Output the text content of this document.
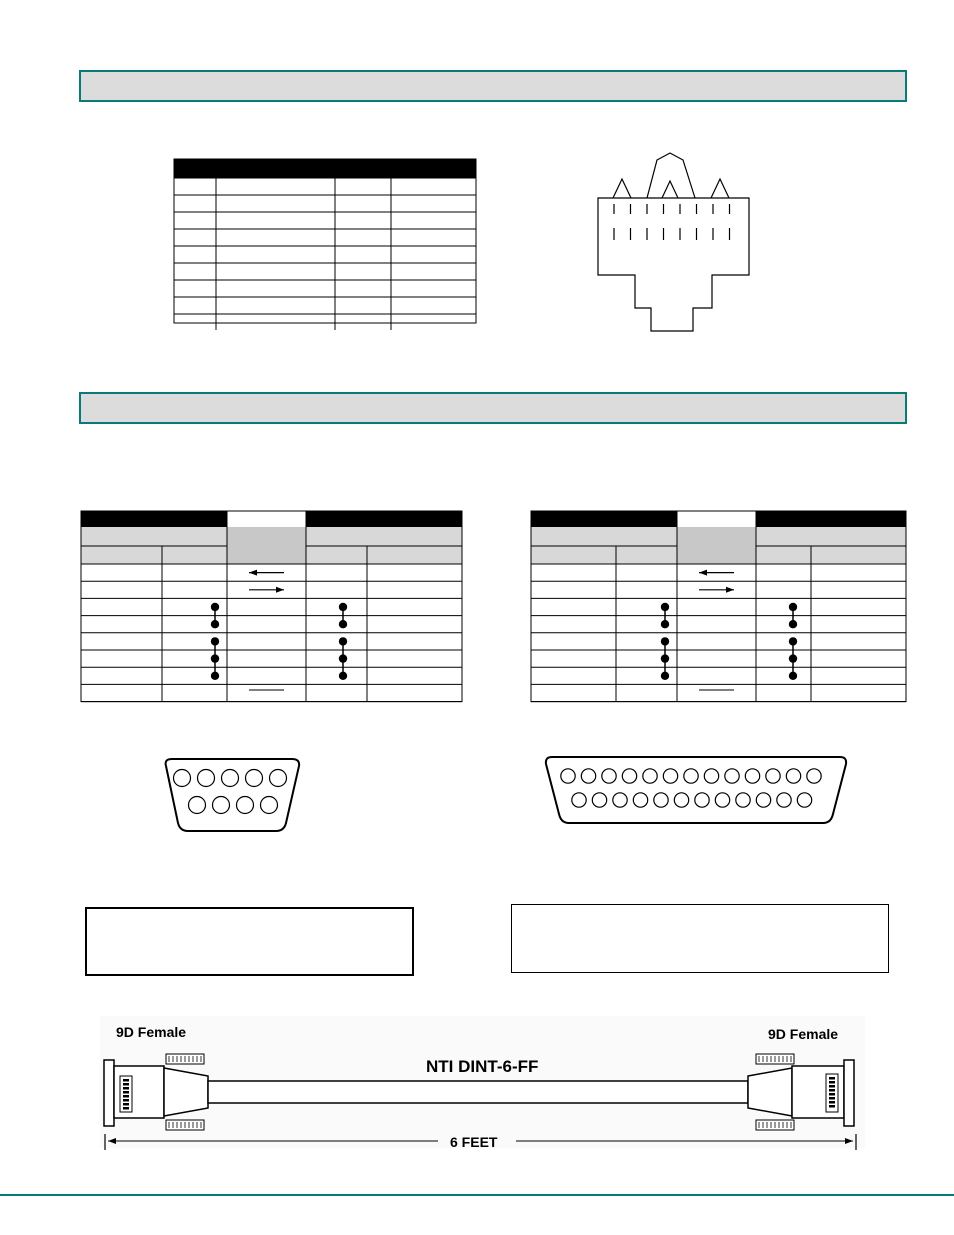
9D Female	9D Female
NTI DINT-6-FF
6 FEET
